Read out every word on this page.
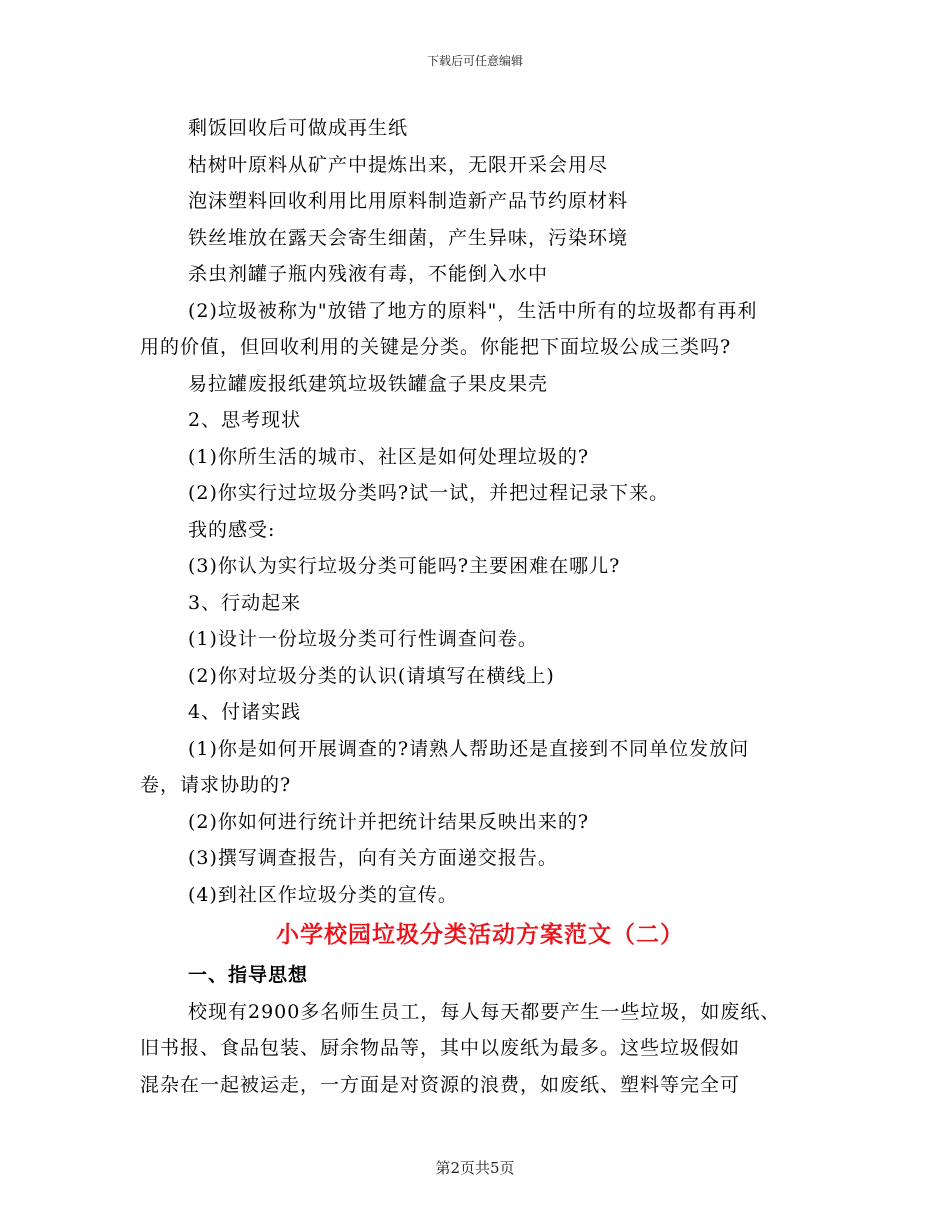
下载后可任意编辑
剩饭回收后可做成再生纸
枯树叶原料从矿产中提炼出来，无限开采会用尽
泡沫塑料回收利用比用原料制造新产品节约原材料
铁丝堆放在露天会寄生细菌，产生异味，污染环境
杀虫剂罐子瓶内残液有毒，不能倒入水中
(2)垃圾被称为"放错了地方的原料"，生活中所有的垃圾都有再利
用的价值，但回收利用的关键是分类。你能把下面垃圾公成三类吗?
易拉罐废报纸建筑垃圾铁罐盒子果皮果壳
2、思考现状
(1)你所生活的城市、社区是如何处理垃圾的?
(2)你实行过垃圾分类吗?试一试，并把过程记录下来。
我的感受:
(3)你认为实行垃圾分类可能吗?主要困难在哪儿?
3、行动起来
(1)设计一份垃圾分类可行性调查问卷。
(2)你对垃圾分类的认识(请填写在横线上)
4、付诸实践
(1)你是如何开展调查的?请熟人帮助还是直接到不同单位发放问
卷，请求协助的?
(2)你如何进行统计并把统计结果反映出来的?
(3)撰写调查报告，向有关方面递交报告。
(4)到社区作垃圾分类的宣传。
小学校园垃圾分类活动方案范文（二）
一、指导思想
校现有2900多名师生员工，每人每天都要产生一些垃圾，如废纸、
旧书报、食品包装、厨余物品等，其中以废纸为最多。这些垃圾假如
混杂在一起被运走，一方面是对资源的浪费，如废纸、塑料等完全可
第2页共5页
